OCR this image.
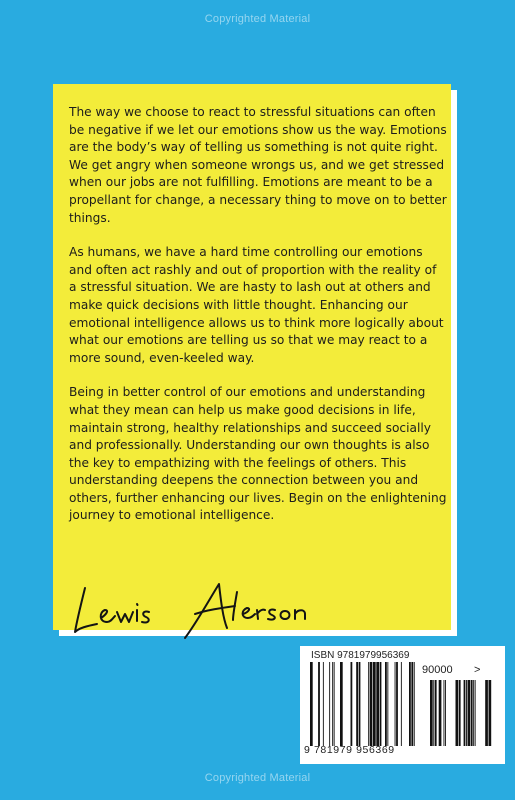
Copyrighted Material

The way we choose to react to stressful situations can often be negative if we let our emotions show us the way. Emotions are the body’s way of telling us something is not quite right. We get angry when someone wrongs us, and we get stressed when our jobs are not fulfilling. Emotions are meant to be a propellant for change, a necessary thing to move on to better things.

As humans, we have a hard time controlling our emotions and often act rashly and out of proportion with the reality of a stressful situation. We are hasty to lash out at others and make quick decisions with little thought. Enhancing our emotional intelligence allows us to think more logically about what our emotions are telling us so that we may react to a more sound, even-keeled way.

Being in better control of our emotions and understanding what they mean can help us make good decisions in life, maintain strong, healthy relationships and succeed socially and professionally. Understanding our own thoughts is also the key to empathizing with the feelings of others. This understanding deepens the connection between you and others, further enhancing our lives. Begin on the enlightening journey to emotional intelligence.

ISBN 9781979956369
90000 >
9 781979 956369
Copyrighted Material
